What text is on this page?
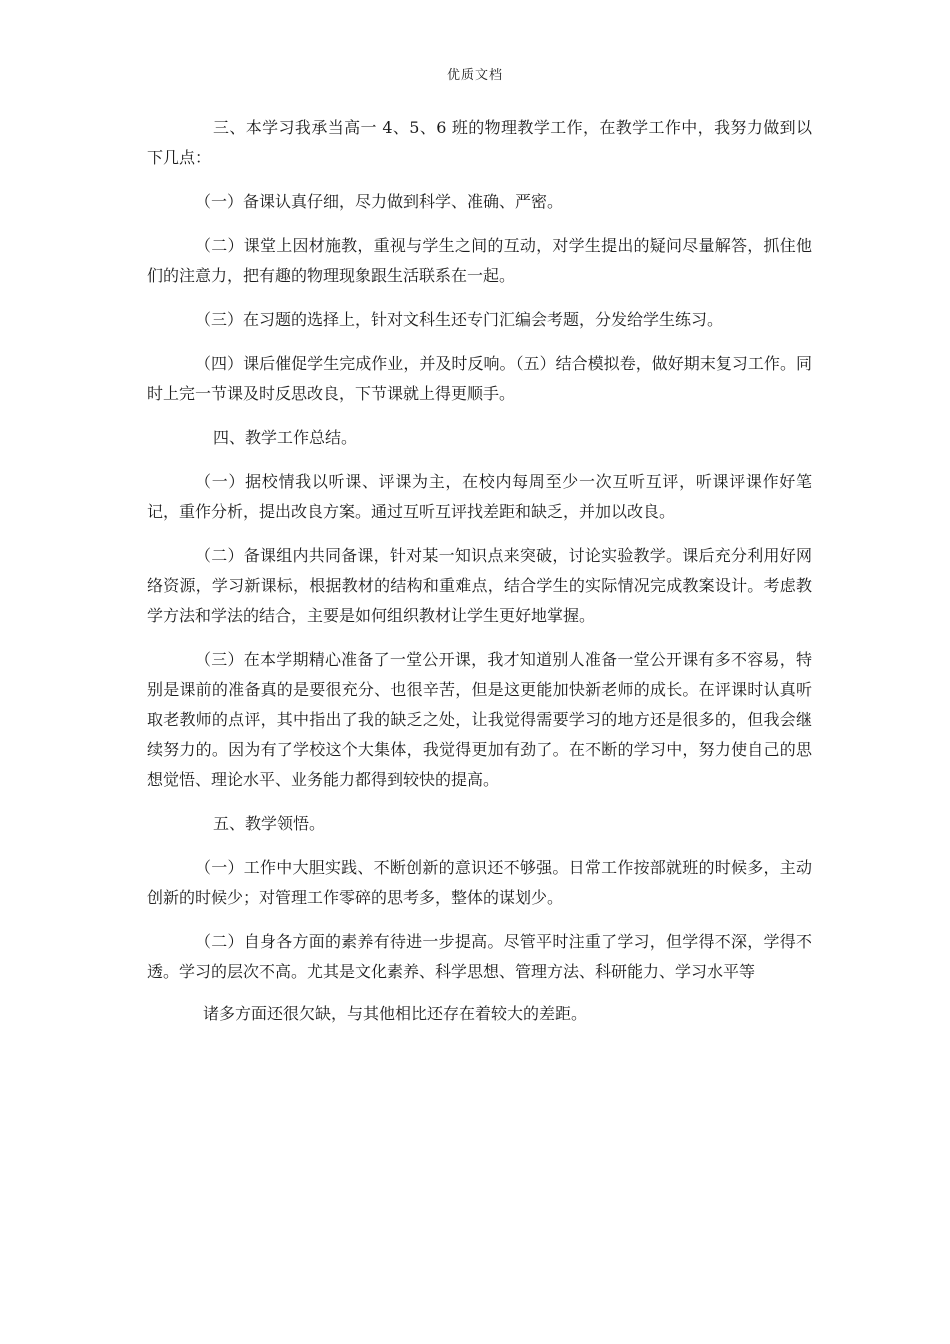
优质文档

三、本学习我承当高一 4、5、6 班的物理教学工作，在教学工作中，我努力做到以下几点：

（一）备课认真仔细，尽力做到科学、准确、严密。

（二）课堂上因材施教，重视与学生之间的互动，对学生提出的疑问尽量解答，抓住他们的注意力，把有趣的物理现象跟生活联系在一起。

（三）在习题的选择上，针对文科生还专门汇编会考题，分发给学生练习。

（四）课后催促学生完成作业，并及时反响。（五）结合模拟卷，做好期末复习工作。同时上完一节课及时反思改良，下节课就上得更顺手。

四、教学工作总结。

（一）据校情我以听课、评课为主，在校内每周至少一次互听互评，听课评课作好笔记，重作分析，提出改良方案。通过互听互评找差距和缺乏，并加以改良。

（二）备课组内共同备课，针对某一知识点来突破，讨论实验教学。课后充分利用好网络资源，学习新课标，根据教材的结构和重难点，结合学生的实际情况完成教案设计。考虑教学方法和学法的结合，主要是如何组织教材让学生更好地掌握。

（三）在本学期精心准备了一堂公开课，我才知道别人准备一堂公开课有多不容易，特别是课前的准备真的是要很充分、也很辛苦，但是这更能加快新老师的成长。在评课时认真听取老教师的点评，其中指出了我的缺乏之处，让我觉得需要学习的地方还是很多的，但我会继续努力的。因为有了学校这个大集体，我觉得更加有劲了。在不断的学习中，努力使自己的思想觉悟、理论水平、业务能力都得到较快的提高。

五、教学领悟。

（一）工作中大胆实践、不断创新的意识还不够强。日常工作按部就班的时候多，主动创新的时候少；对管理工作零碎的思考多，整体的谋划少。

（二）自身各方面的素养有待进一步提高。尽管平时注重了学习，但学得不深，学得不透。学习的层次不高。尤其是文化素养、科学思想、管理方法、科研能力、学习水平等

诸多方面还很欠缺，与其他相比还存在着较大的差距。
